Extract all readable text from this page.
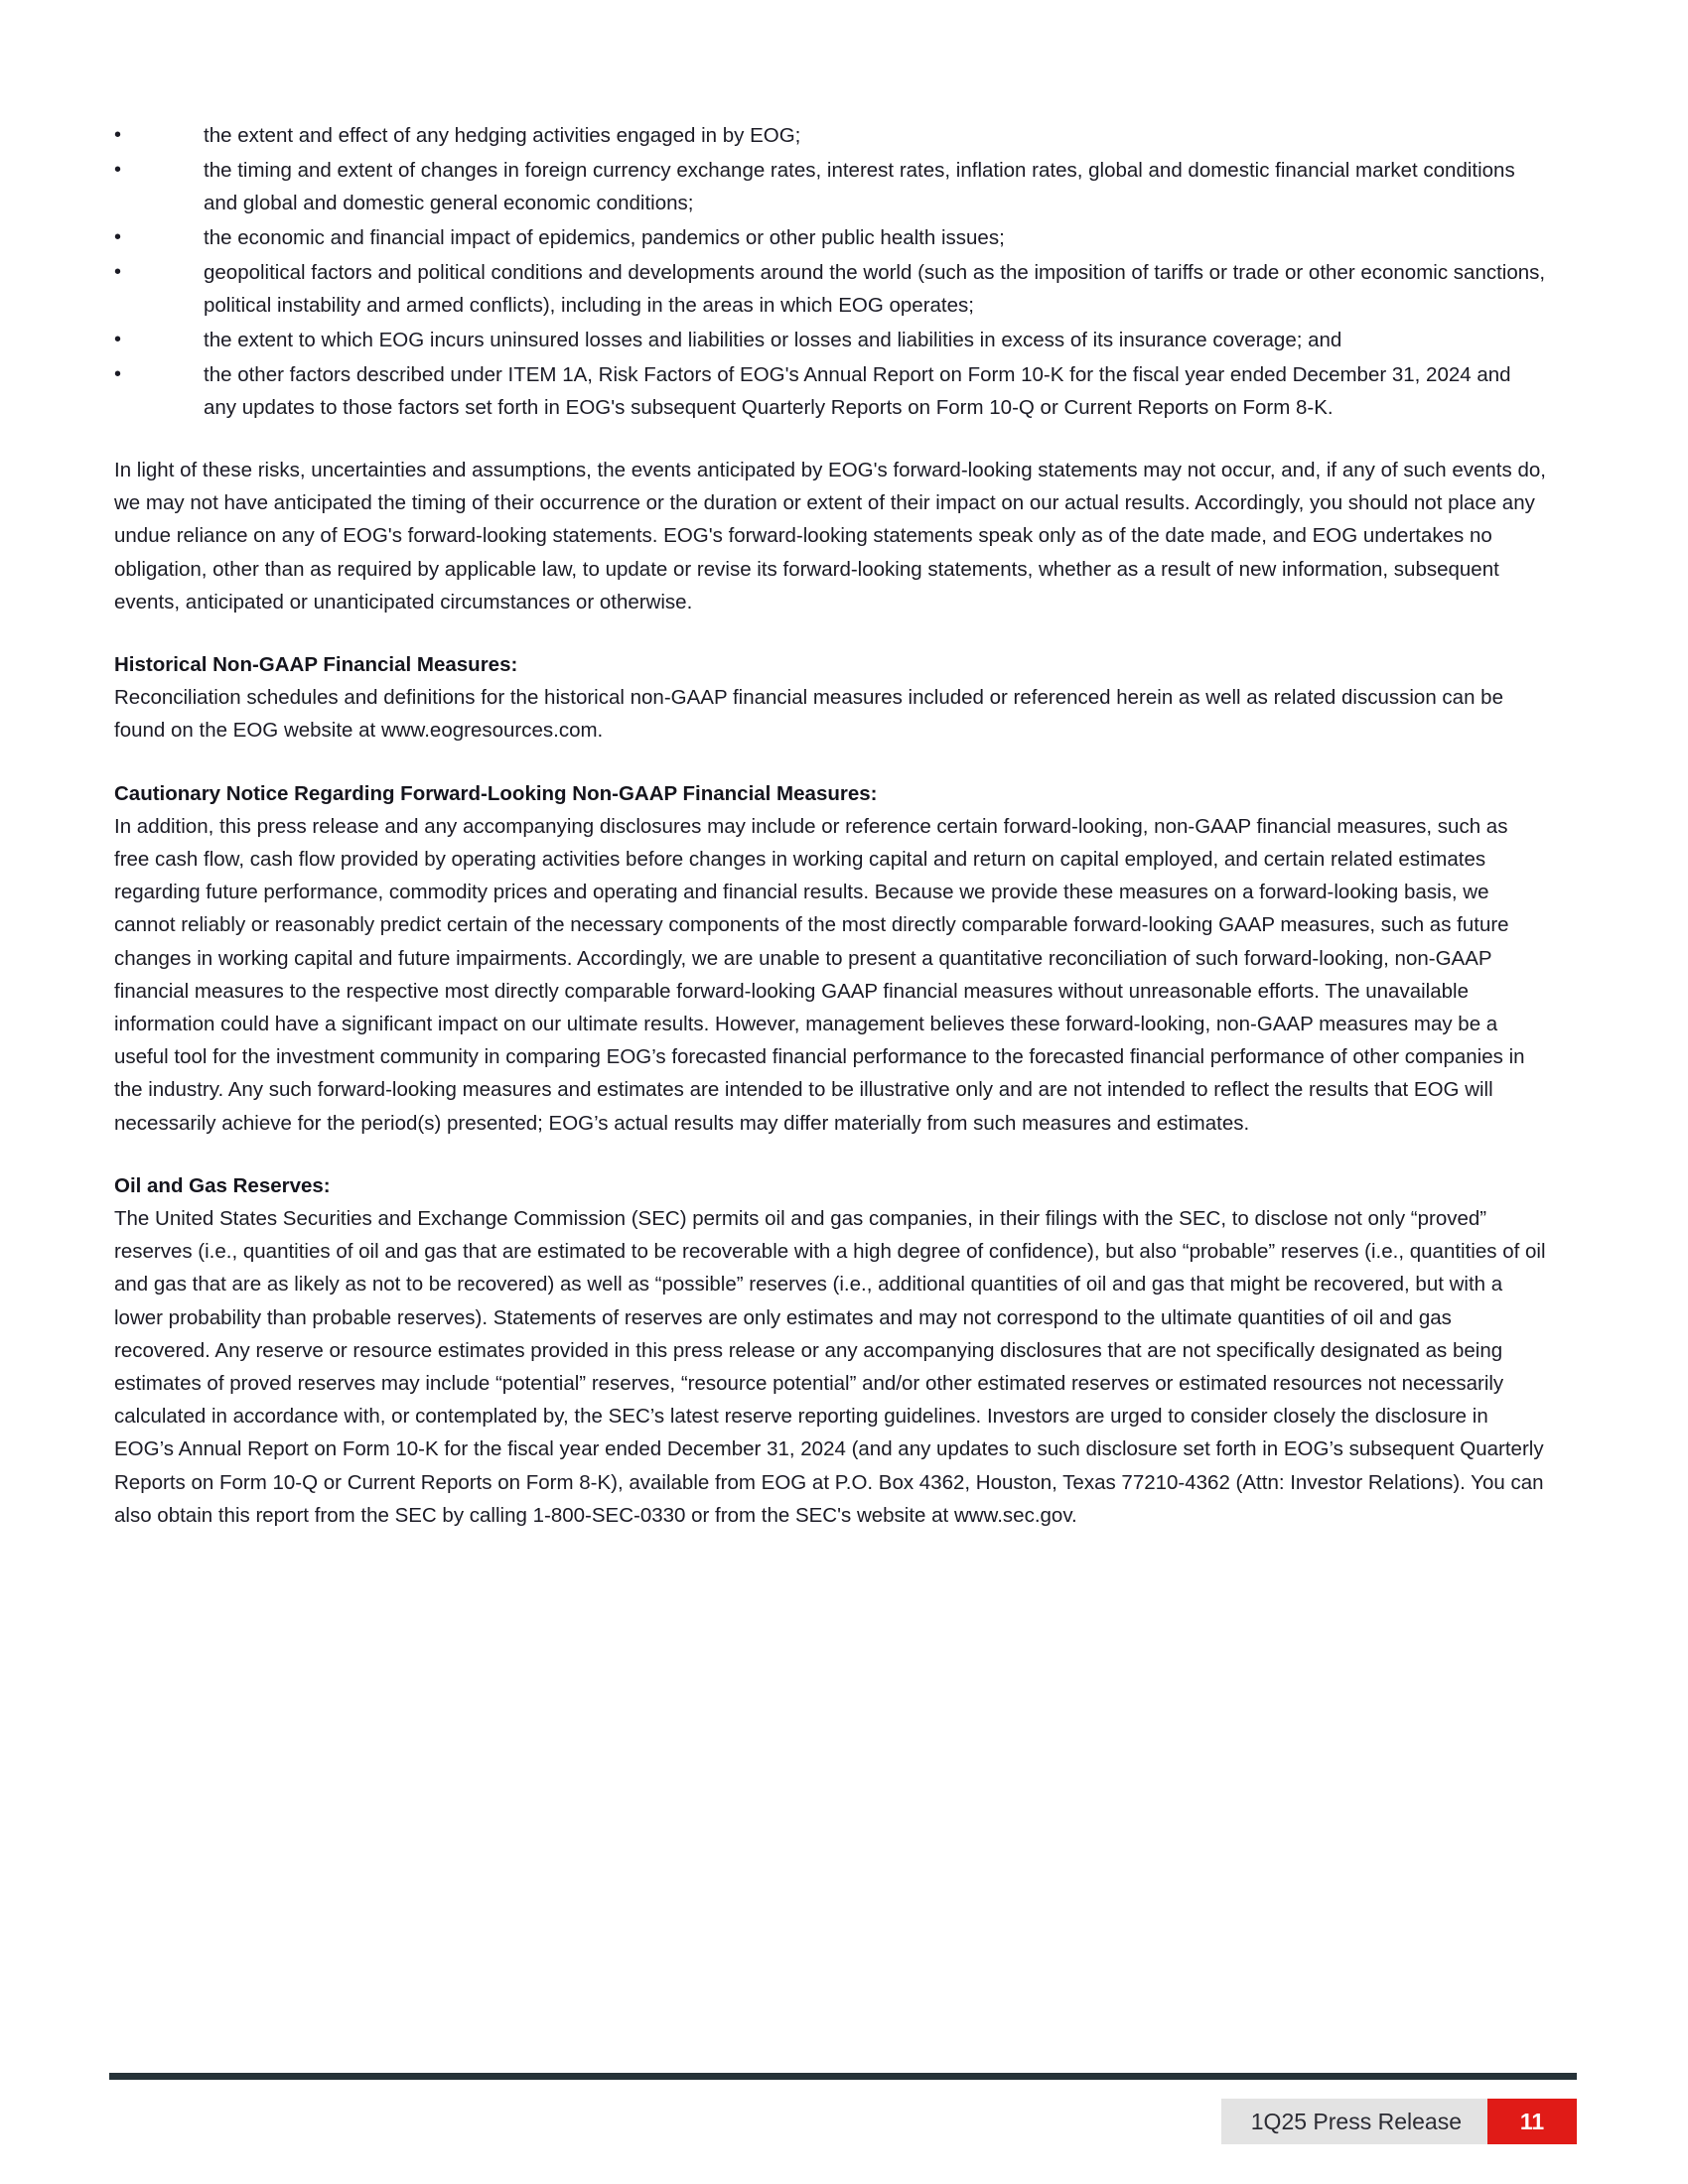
•	the extent and effect of any hedging activities engaged in by EOG;
•	the timing and extent of changes in foreign currency exchange rates, interest rates, inflation rates, global and domestic financial market conditions and global and domestic general economic conditions;
•	the economic and financial impact of epidemics, pandemics or other public health issues;
•	geopolitical factors and political conditions and developments around the world (such as the imposition of tariffs or trade or other economic sanctions, political instability and armed conflicts), including in the areas in which EOG operates;
•	the extent to which EOG incurs uninsured losses and liabilities or losses and liabilities in excess of its insurance coverage; and
•	the other factors described under ITEM 1A, Risk Factors of EOG's Annual Report on Form 10-K for the fiscal year ended December 31, 2024 and any updates to those factors set forth in EOG's subsequent Quarterly Reports on Form 10-Q or Current Reports on Form 8-K.

In light of these risks, uncertainties and assumptions, the events anticipated by EOG's forward-looking statements may not occur, and, if any of such events do, we may not have anticipated the timing of their occurrence or the duration or extent of their impact on our actual results. Accordingly, you should not place any undue reliance on any of EOG's forward-looking statements. EOG's forward-looking statements speak only as of the date made, and EOG undertakes no obligation, other than as required by applicable law, to update or revise its forward-looking statements, whether as a result of new information, subsequent events, anticipated or unanticipated circumstances or otherwise.

Historical Non-GAAP Financial Measures:

Reconciliation schedules and definitions for the historical non-GAAP financial measures included or referenced herein as well as related discussion can be found on the EOG website at www.eogresources.com.

Cautionary Notice Regarding Forward-Looking Non-GAAP Financial Measures:

In addition, this press release and any accompanying disclosures may include or reference certain forward-looking, non-GAAP financial measures, such as free cash flow, cash flow provided by operating activities before changes in working capital and return on capital employed, and certain related estimates regarding future performance, commodity prices and operating and financial results. Because we provide these measures on a forward-looking basis, we cannot reliably or reasonably predict certain of the necessary components of the most directly comparable forward-looking GAAP measures, such as future changes in working capital and future impairments. Accordingly, we are unable to present a quantitative reconciliation of such forward-looking, non-GAAP financial measures to the respective most directly comparable forward-looking GAAP financial measures without unreasonable efforts. The unavailable information could have a significant impact on our ultimate results. However, management believes these forward-looking, non-GAAP measures may be a useful tool for the investment community in comparing EOG’s forecasted financial performance to the forecasted financial performance of other companies in the industry. Any such forward-looking measures and estimates are intended to be illustrative only and are not intended to reflect the results that EOG will necessarily achieve for the period(s) presented; EOG’s actual results may differ materially from such measures and estimates.

Oil and Gas Reserves:

The United States Securities and Exchange Commission (SEC) permits oil and gas companies, in their filings with the SEC, to disclose not only “proved” reserves (i.e., quantities of oil and gas that are estimated to be recoverable with a high degree of confidence), but also “probable” reserves (i.e., quantities of oil and gas that are as likely as not to be recovered) as well as “possible” reserves (i.e., additional quantities of oil and gas that might be recovered, but with a lower probability than probable reserves). Statements of reserves are only estimates and may not correspond to the ultimate quantities of oil and gas recovered. Any reserve or resource estimates provided in this press release or any accompanying disclosures that are not specifically designated as being estimates of proved reserves may include “potential” reserves, “resource potential” and/or other estimated reserves or estimated resources not necessarily calculated in accordance with, or contemplated by, the SEC’s latest reserve reporting guidelines. Investors are urged to consider closely the disclosure in EOG’s Annual Report on Form 10-K for the fiscal year ended December 31, 2024 (and any updates to such disclosure set forth in EOG’s subsequent Quarterly Reports on Form 10-Q or Current Reports on Form 8-K), available from EOG at P.O. Box 4362, Houston, Texas 77210-4362 (Attn: Investor Relations). You can also obtain this report from the SEC by calling 1-800-SEC-0330 or from the SEC's website at www.sec.gov.

1Q25 Press Release	11
